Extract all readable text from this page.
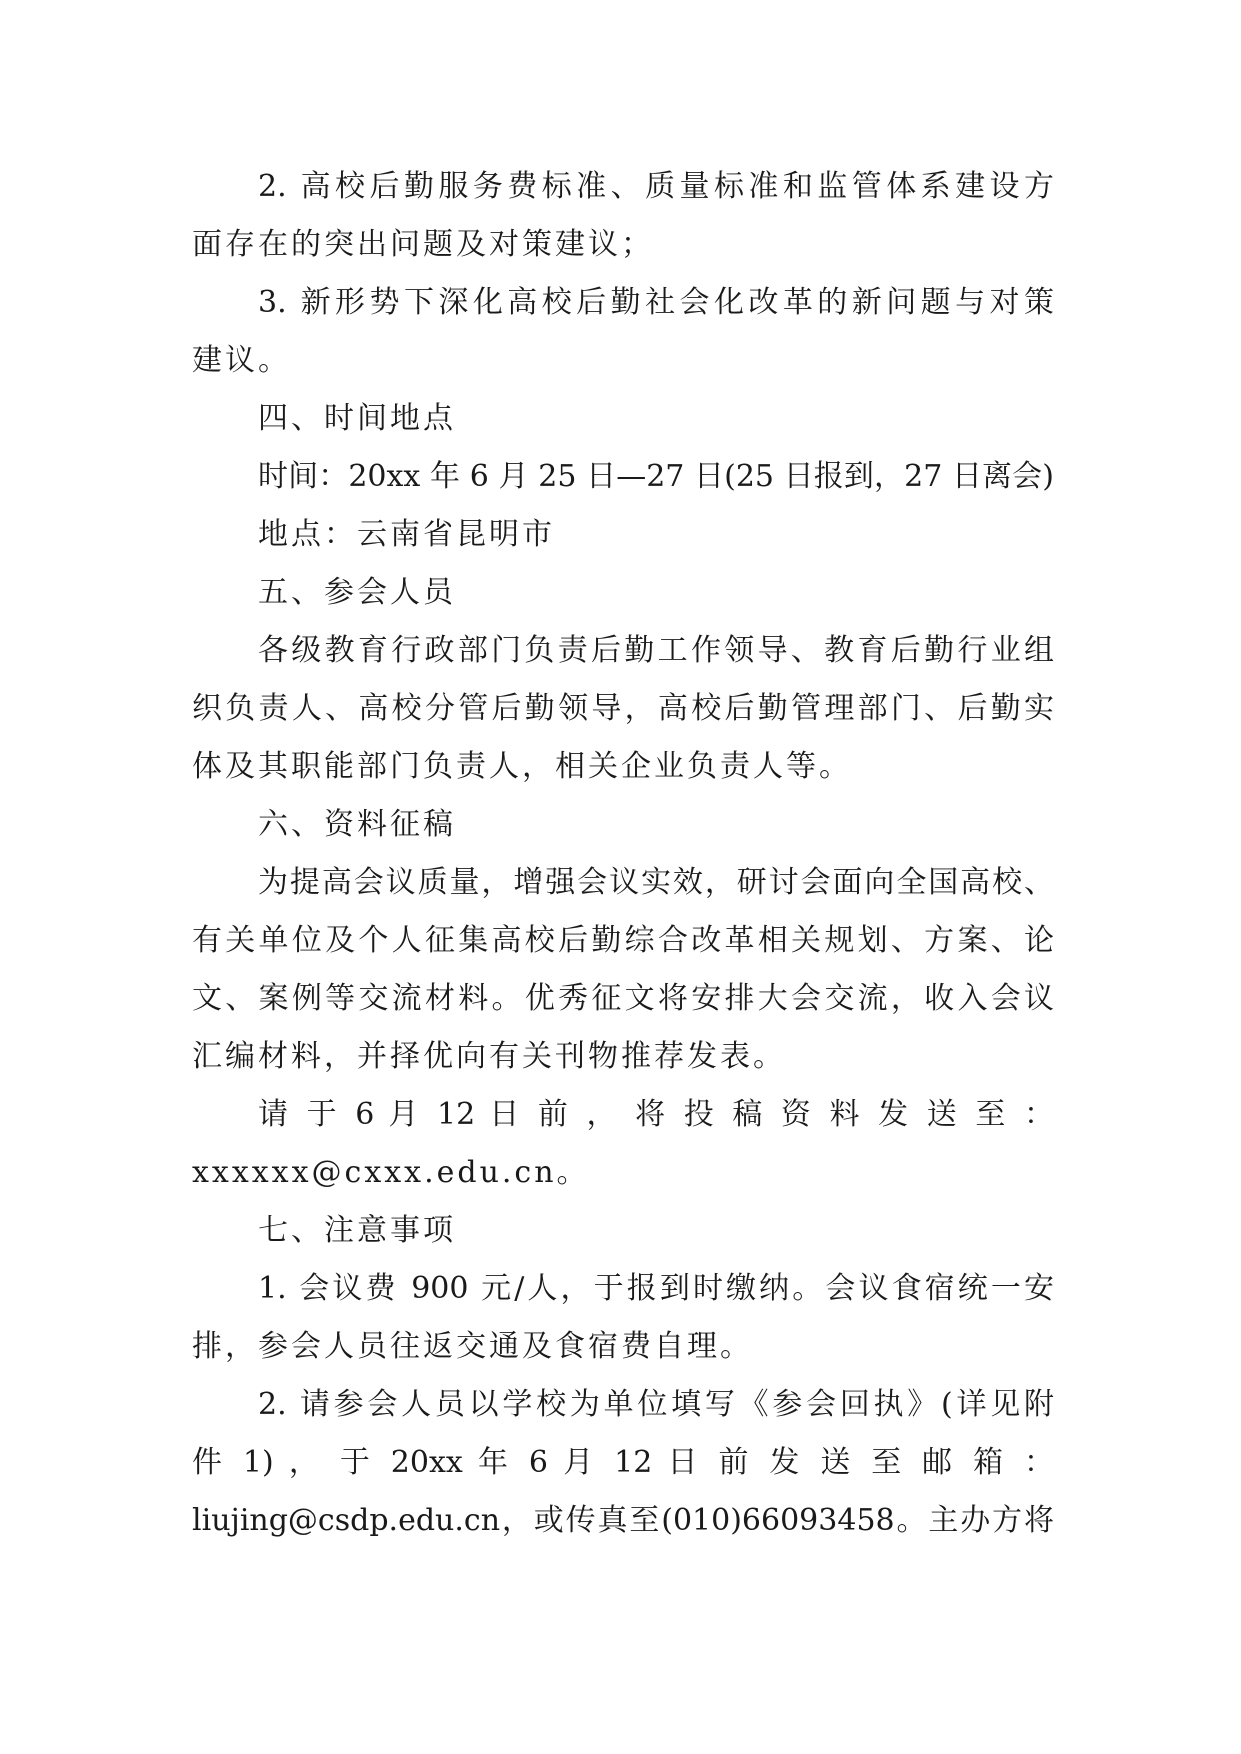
2. 高校后勤服务费标准、质量标准和监管体系建设方
面存在的突出问题及对策建议；
3. 新形势下深化高校后勤社会化改革的新问题与对策
建议。
四、时间地点
时间：20xx 年 6 月 25 日—27 日(25 日报到，27 日离会)
地点：云南省昆明市
五、参会人员
各级教育行政部门负责后勤工作领导、教育后勤行业组
织负责人、高校分管后勤领导，高校后勤管理部门、后勤实
体及其职能部门负责人，相关企业负责人等。
六、资料征稿
为提高会议质量，增强会议实效，研讨会面向全国高校、
有关单位及个人征集高校后勤综合改革相关规划、方案、论
文、案例等交流材料。优秀征文将安排大会交流，收入会议
汇编材料，并择优向有关刊物推荐发表。
请 于 6 月 12 日 前 ， 将 投 稿 资 料 发 送 至 ：
xxxxxx@cxxx.edu.cn。
七、注意事项
1. 会议费 900 元/人，于报到时缴纳。会议食宿统一安
排，参会人员往返交通及食宿费自理。
2. 请参会人员以学校为单位填写《参会回执》(详见附
件 1) ， 于 20xx 年 6 月 12 日 前 发 送 至 邮 箱 ：
liujing@csdp.edu.cn，或传真至(010)66093458。主办方将
